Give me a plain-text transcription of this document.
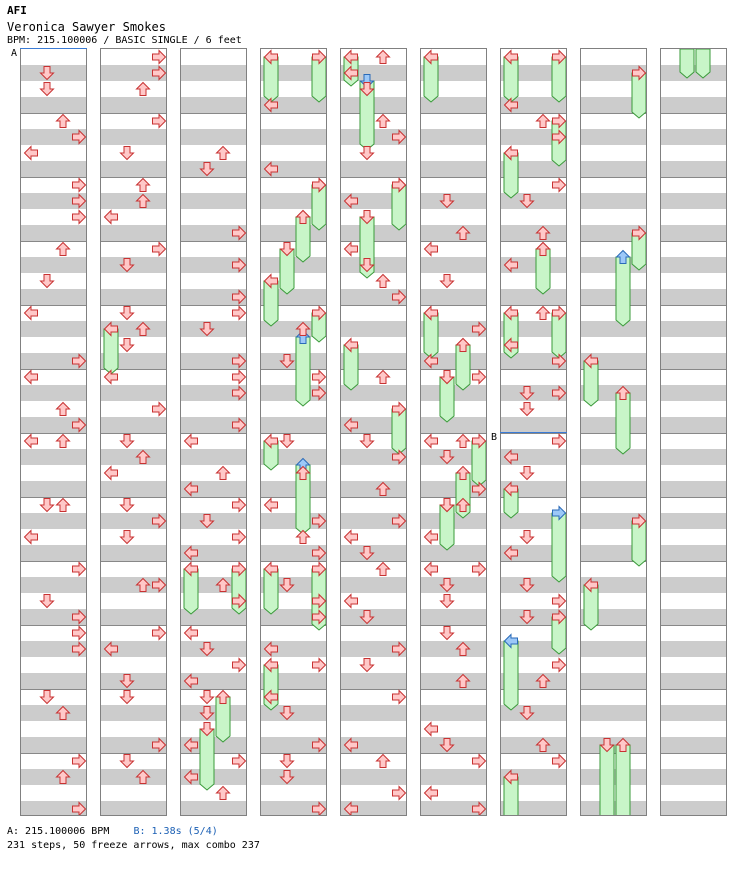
AFI
Veronica Sawyer Smokes
BPM: 215.100006 / BASIC SINGLE / 6 feet
A
B
A: 215.100006 BPM B: 1.38s (5/4)
231 steps, 50 freeze arrows, max combo 237
